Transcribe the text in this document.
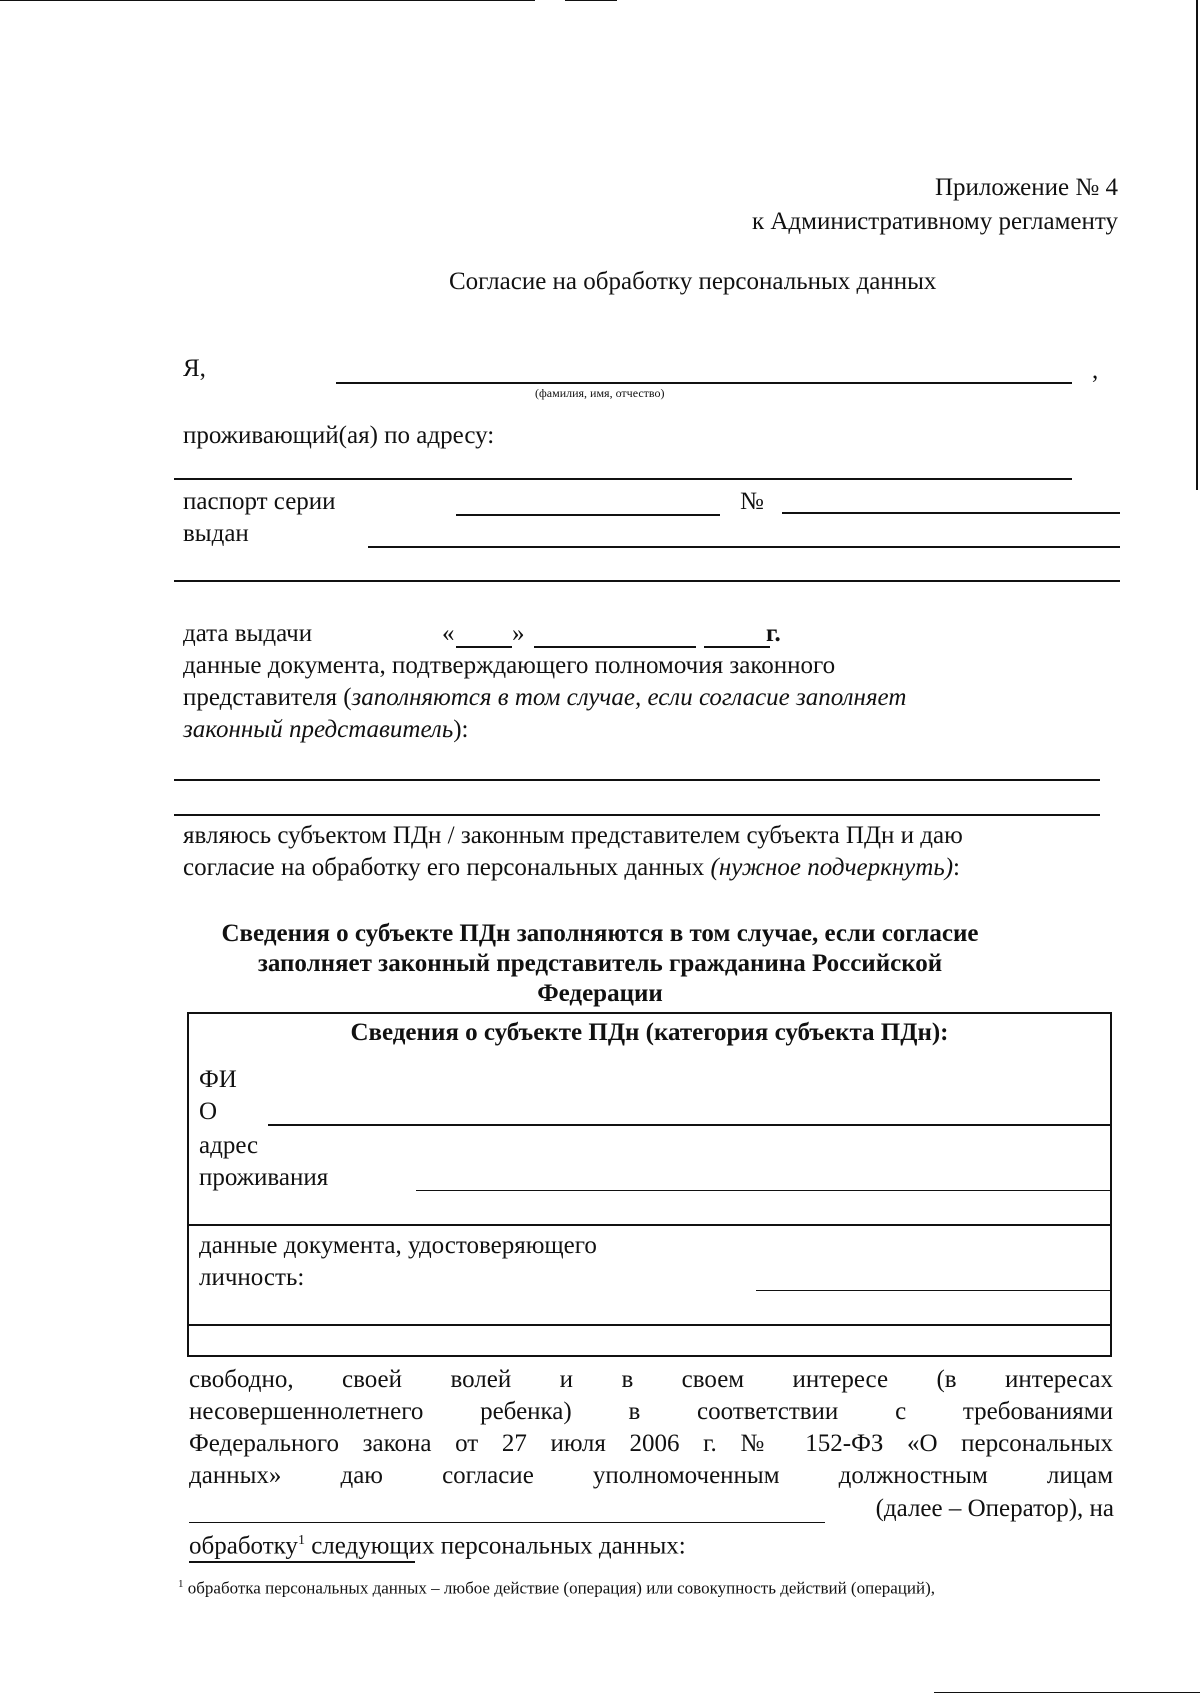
Приложение № 4
к Административному регламенту
Согласие на обработку персональных данных
Я,	,
(фамилия, имя, отчество)
проживающий(ая) по адресу:
паспорт серии	№
выдан
дата выдачи	« »	г.
данные документа, подтверждающего полномочия законного
представителя (заполняются в том случае, если согласие заполняет
законный представитель):
являюсь субъектом ПДн / законным представителем субъекта ПДн и даю
согласие на обработку его персональных данных (нужное подчеркнуть):
Сведения о субъекте ПДн заполняются в том случае, если согласие
заполняет законный представитель гражданина Российской
Федерации
Сведения о субъекте ПДн (категория субъекта ПДн):
ФИ
О
адрес
проживания
данные документа, удостоверяющего
личность:
свободно, своей волей и в своем интересе (в интересах
несовершеннолетнего ребенка) в соответствии с требованиями
Федерального закона от 27 июля 2006 г. № 152-ФЗ «О персональных
данных» даю согласие уполномоченным должностным лицам
(далее – Оператор), на
обработку$^1$ следующих персональных данных:
$^1$ обработка персональных данных – любое действие (операция) или совокупность действий (операций),
